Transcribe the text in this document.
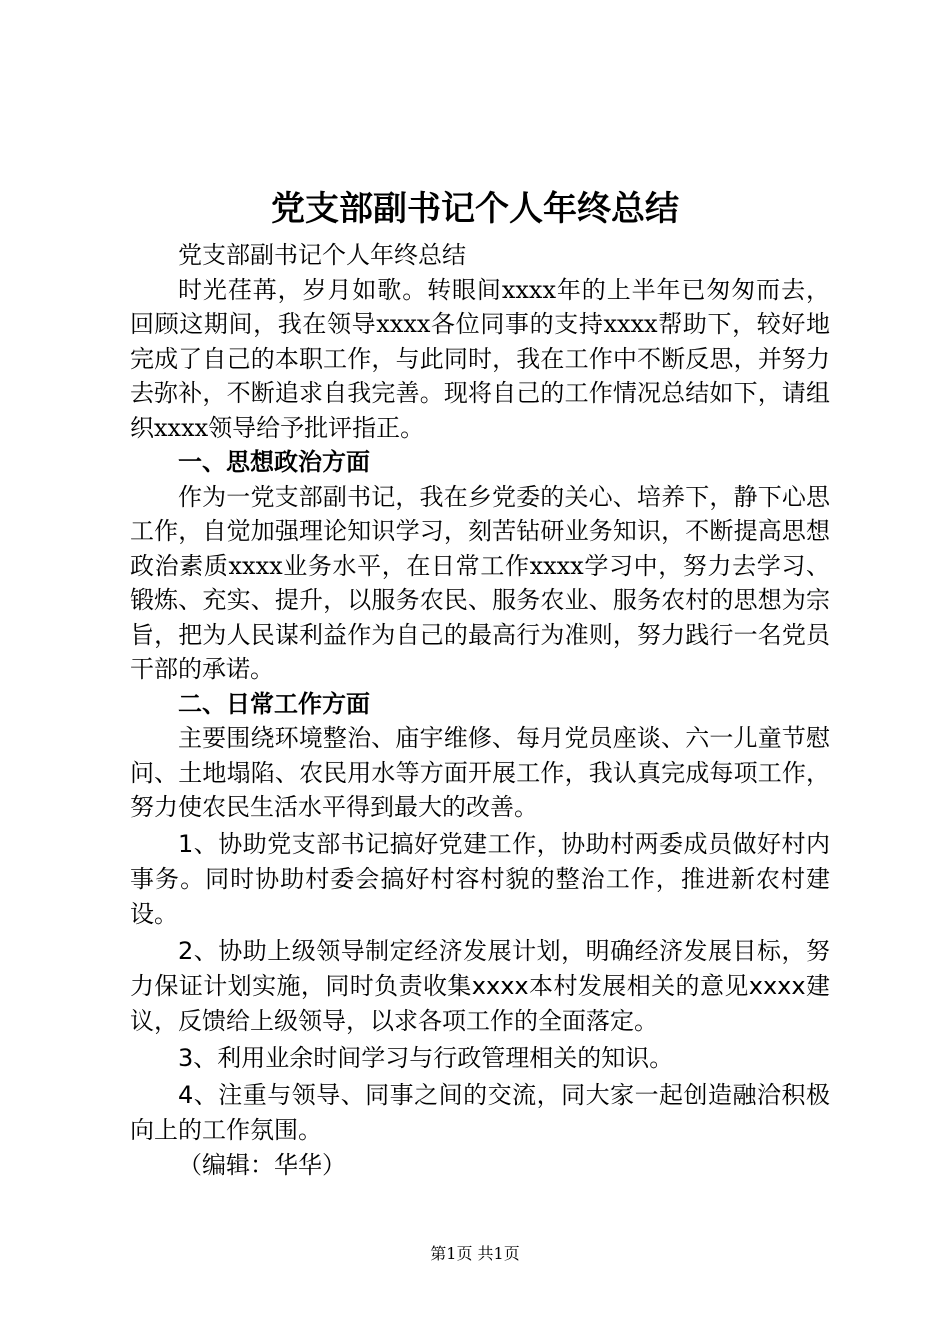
党支部副书记个人年终总结

党支部副书记个人年终总结

时光荏苒，岁月如歌。转眼间xxxx年的上半年已匆匆而去，回顾这期间，我在领导xxxx各位同事的支持xxxx帮助下，较好地完成了自己的本职工作，与此同时，我在工作中不断反思，并努力去弥补，不断追求自我完善。现将自己的工作情况总结如下，请组织xxxx领导给予批评指正。

一、思想政治方面

作为一党支部副书记，我在乡党委的关心、培养下，静下心思工作，自觉加强理论知识学习，刻苦钻研业务知识，不断提高思想政治素质xxxx业务水平，在日常工作xxxx学习中，努力去学习、锻炼、充实、提升，以服务农民、服务农业、服务农村的思想为宗旨，把为人民谋利益作为自己的最高行为准则，努力践行一名党员干部的承诺。

二、日常工作方面

主要围绕环境整治、庙宇维修、每月党员座谈、六一儿童节慰问、土地塌陷、农民用水等方面开展工作，我认真完成每项工作，努力使农民生活水平得到最大的改善。

1、协助党支部书记搞好党建工作，协助村两委成员做好村内事务。同时协助村委会搞好村容村貌的整治工作，推进新农村建设。

2、协助上级领导制定经济发展计划，明确经济发展目标，努力保证计划实施，同时负责收集xxxx本村发展相关的意见xxxx建议，反馈给上级领导，以求各项工作的全面落定。

3、利用业余时间学习与行政管理相关的知识。

4、注重与领导、同事之间的交流，同大家一起创造融洽积极向上的工作氛围。

（编辑：华华）

第1页 共1页
